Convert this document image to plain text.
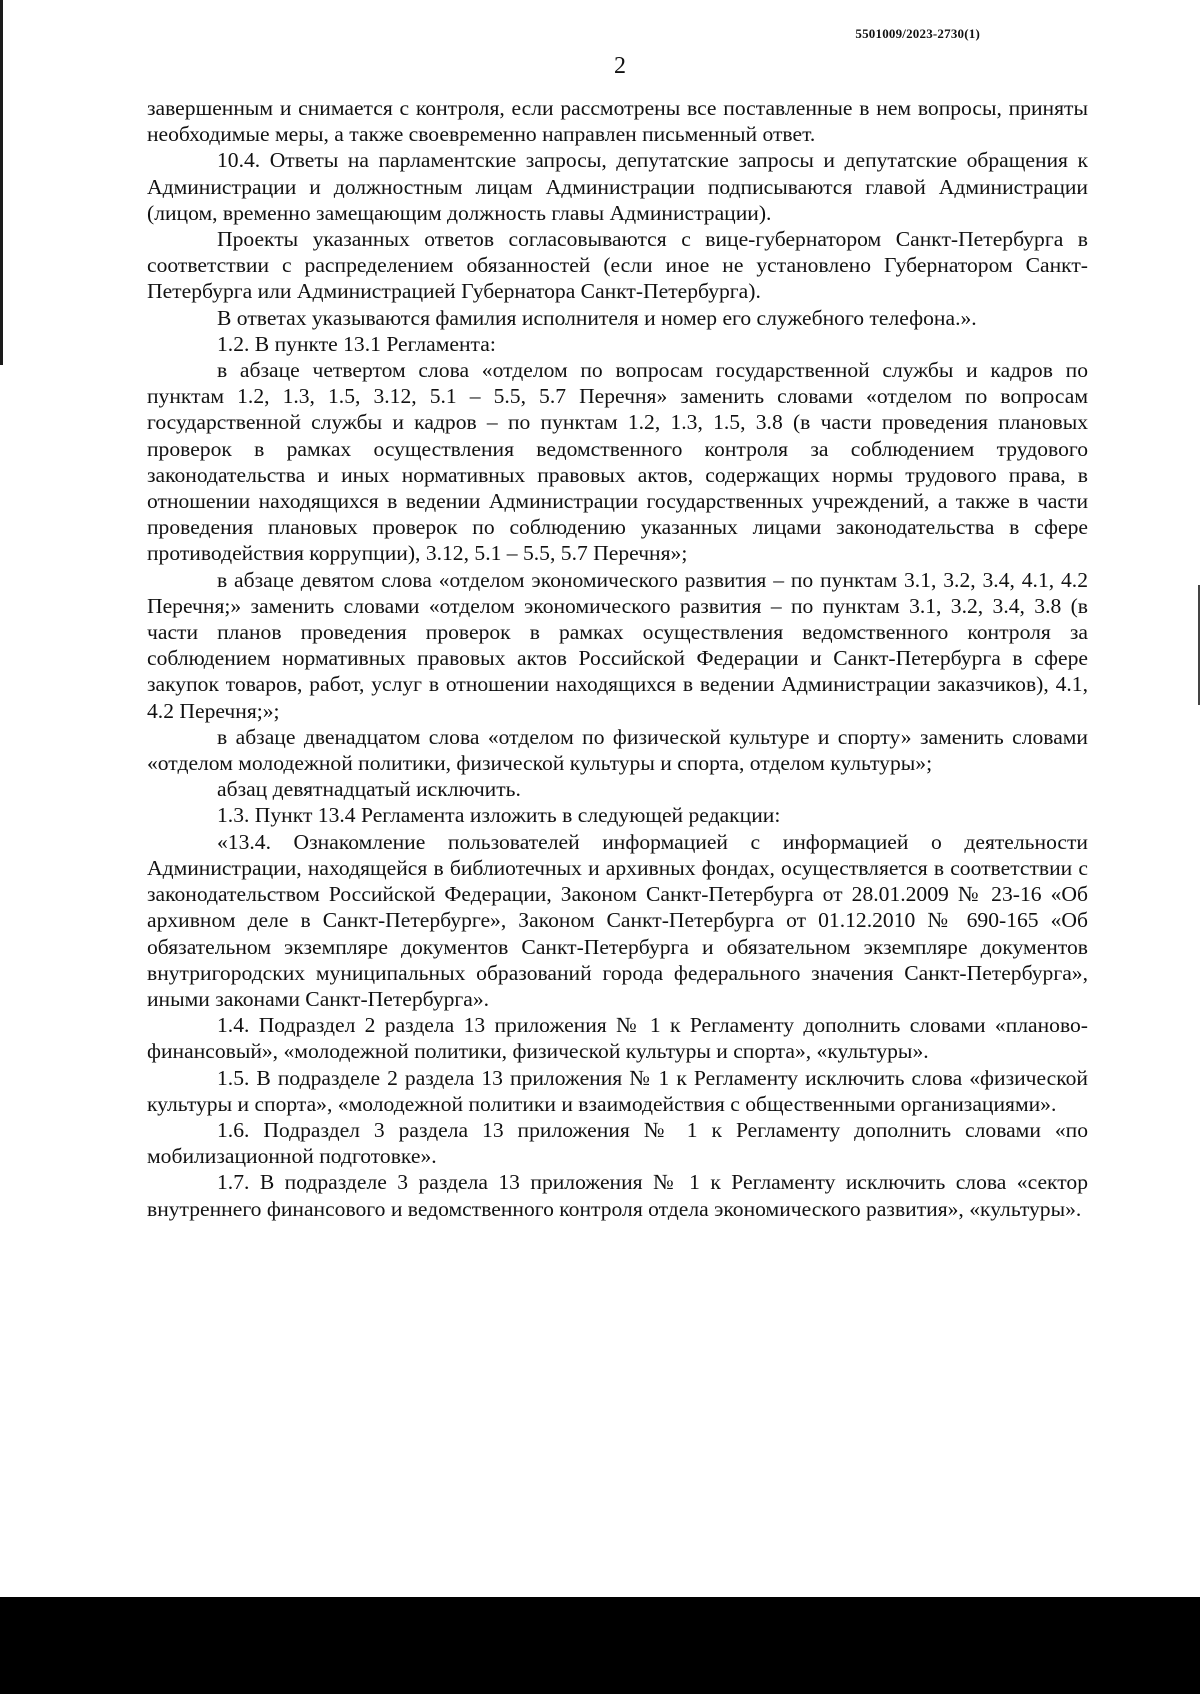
5501009/2023-2730(1)
2

завершенным и снимается с контроля, если рассмотрены все поставленные в нем вопросы, приняты необходимые меры, а также своевременно направлен письменный ответ.

10.4. Ответы на парламентские запросы, депутатские запросы и депутатские обращения к Администрации и должностным лицам Администрации подписываются главой Администрации (лицом, временно замещающим должность главы Администрации).

Проекты указанных ответов согласовываются с вице-губернатором Санкт-Петербурга в соответствии с распределением обязанностей (если иное не установлено Губернатором Санкт-Петербурга или Администрацией Губернатора Санкт-Петербурга).

В ответах указываются фамилия исполнителя и номер его служебного телефона.».

1.2. В пункте 13.1 Регламента:

в абзаце четвертом слова «отделом по вопросам государственной службы и кадров по пунктам 1.2, 1.3, 1.5, 3.12, 5.1 – 5.5, 5.7 Перечня» заменить словами «отделом по вопросам государственной службы и кадров – по пунктам 1.2, 1.3, 1.5, 3.8 (в части проведения плановых проверок в рамках осуществления ведомственного контроля за соблюдением трудового законодательства и иных нормативных правовых актов, содержащих нормы трудового права, в отношении находящихся в ведении Администрации государственных учреждений, а также в части проведения плановых проверок по соблюдению указанных лицами законодательства в сфере противодействия коррупции), 3.12, 5.1 – 5.5, 5.7 Перечня»;

в абзаце девятом слова «отделом экономического развития – по пунктам 3.1, 3.2, 3.4, 4.1, 4.2 Перечня;» заменить словами «отделом экономического развития – по пунктам 3.1, 3.2, 3.4, 3.8 (в части планов проведения проверок в рамках осуществления ведомственного контроля за соблюдением нормативных правовых актов Российской Федерации и Санкт-Петербурга в сфере закупок товаров, работ, услуг в отношении находящихся в ведении Администрации заказчиков), 4.1, 4.2 Перечня;»;

в абзаце двенадцатом слова «отделом по физической культуре и спорту» заменить словами «отделом молодежной политики, физической культуры и спорта, отделом культуры»;

абзац девятнадцатый исключить.

1.3. Пункт 13.4 Регламента изложить в следующей редакции:

«13.4. Ознакомление пользователей информацией с информацией о деятельности Администрации, находящейся в библиотечных и архивных фондах, осуществляется в соответствии с законодательством Российской Федерации, Законом Санкт-Петербурга от 28.01.2009 № 23-16 «Об архивном деле в Санкт-Петербурге», Законом Санкт-Петербурга от 01.12.2010 № 690-165 «Об обязательном экземпляре документов Санкт-Петербурга и обязательном экземпляре документов внутригородских муниципальных образований города федерального значения Санкт-Петербурга», иными законами Санкт-Петербурга».

1.4. Подраздел 2 раздела 13 приложения № 1 к Регламенту дополнить словами «планово-финансовый», «молодежной политики, физической культуры и спорта», «культуры».

1.5. В подразделе 2 раздела 13 приложения № 1 к Регламенту исключить слова «физической культуры и спорта», «молодежной политики и взаимодействия с общественными организациями».

1.6. Подраздел 3 раздела 13 приложения № 1 к Регламенту дополнить словами «по мобилизационной подготовке».

1.7. В подразделе 3 раздела 13 приложения № 1 к Регламенту исключить слова «сектор внутреннего финансового и ведомственного контроля отдела экономического развития», «культуры».
